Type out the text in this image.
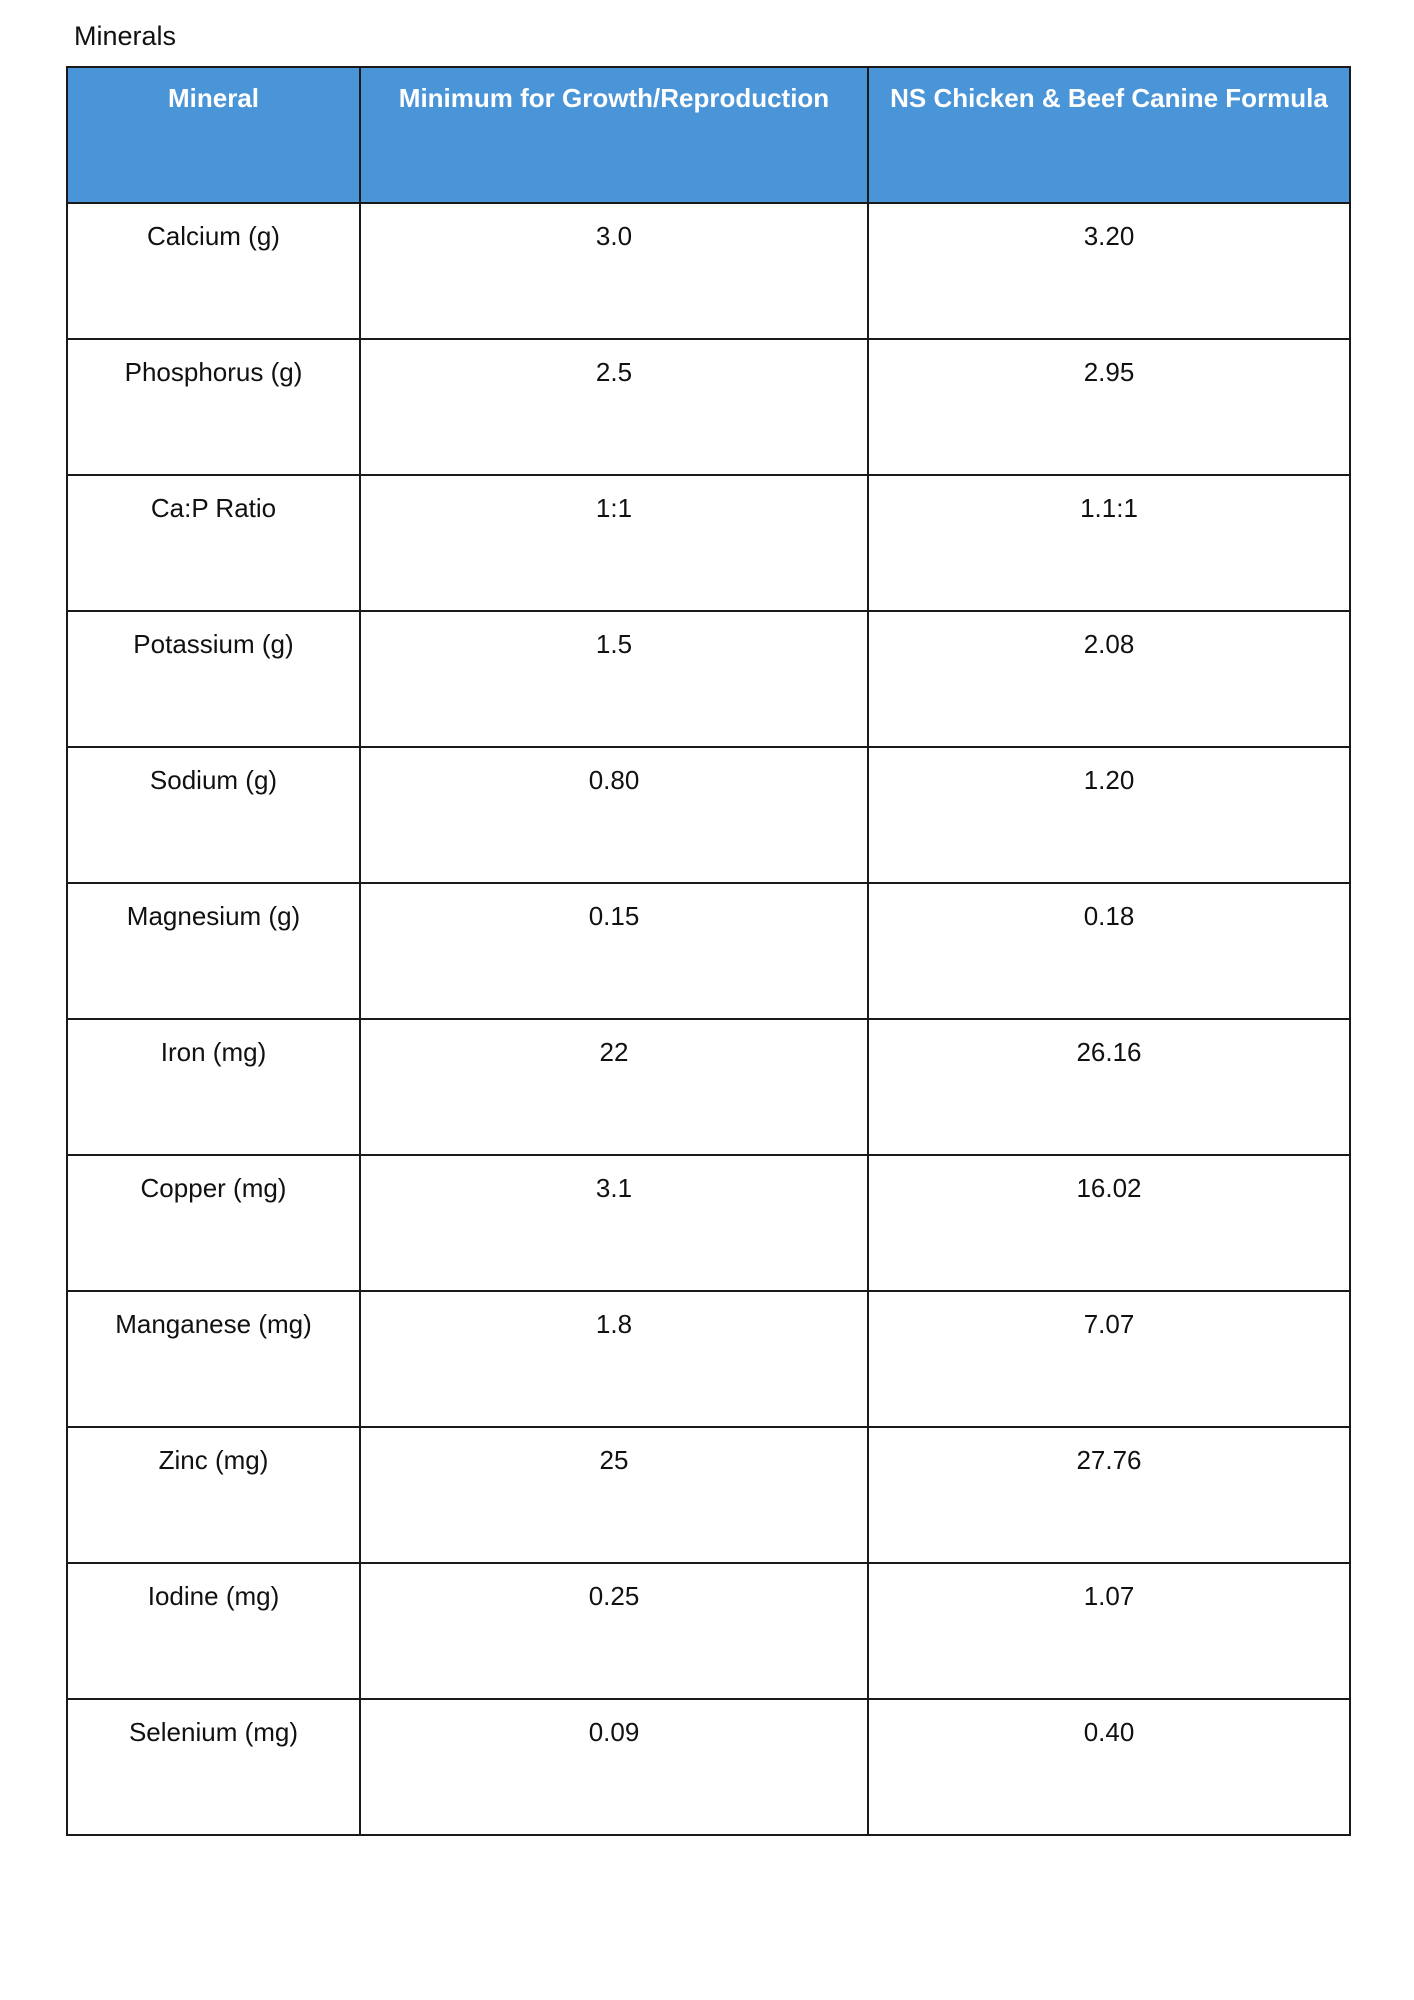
Minerals
Mineral	Minimum for Growth/Reproduction	NS Chicken & Beef Canine Formula
Calcium (g)	3.0	3.20
Phosphorus (g)	2.5	2.95
Ca:P Ratio	1:1	1.1:1
Potassium (g)	1.5	2.08
Sodium (g)	0.80	1.20
Magnesium (g)	0.15	0.18
Iron (mg)	22	26.16
Copper (mg)	3.1	16.02
Manganese (mg)	1.8	7.07
Zinc (mg)	25	27.76
Iodine (mg)	0.25	1.07
Selenium (mg)	0.09	0.40
